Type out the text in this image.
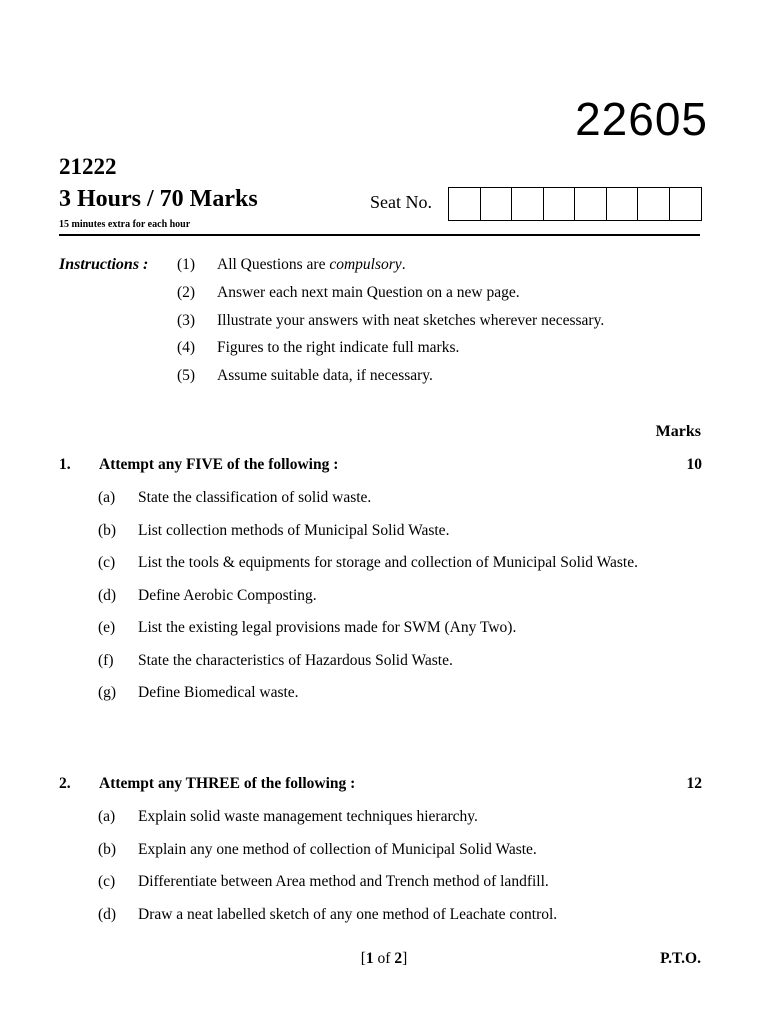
22605
21222
3 Hours / 70 Marks
15 minutes extra for each hour
Seat No.
Instructions : (1)	All Questions are compulsory.
(2)	Answer each next main Question on a new page.
(3)	Illustrate your answers with neat sketches wherever necessary.
(4)	Figures to the right indicate full marks.
(5)	Assume suitable data, if necessary.
Marks
1.	Attempt any FIVE of the following :	10
(a)	State the classification of solid waste.
(b)	List collection methods of Municipal Solid Waste.
(c)	List the tools & equipments for storage and collection of Municipal Solid Waste.
(d)	Define Aerobic Composting.
(e)	List the existing legal provisions made for SWM (Any Two).
(f)	State the characteristics of Hazardous Solid Waste.
(g)	Define Biomedical waste.
2.	Attempt any THREE of the following :	12
(a)	Explain solid waste management techniques hierarchy.
(b)	Explain any one method of collection of Municipal Solid Waste.
(c)	Differentiate between Area method and Trench method of landfill.
(d)	Draw a neat labelled sketch of any one method of Leachate control.
[1 of 2]	P.T.O.
